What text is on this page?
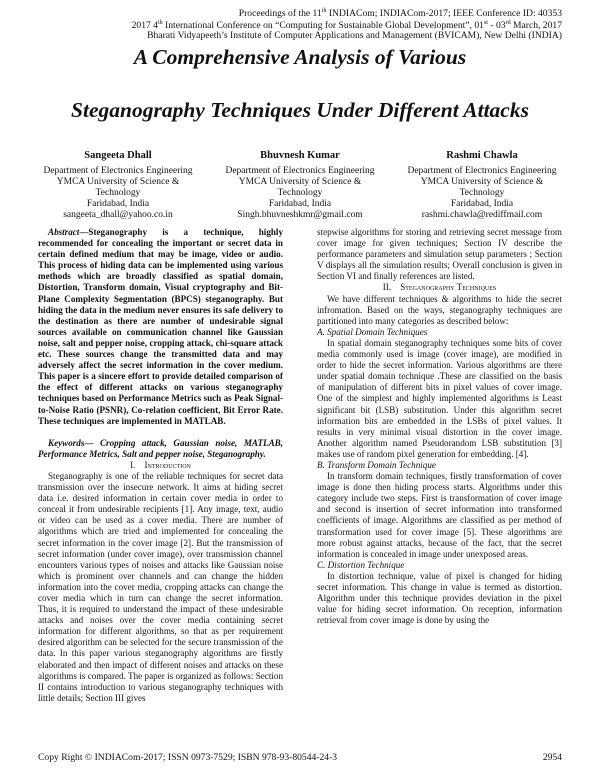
Proceedings of the 11th INDIACom; INDIACom-2017; IEEE Conference ID: 40353
2017 4th International Conference on “Computing for Sustainable Global Development”, 01st - 03rd March, 2017
Bharati Vidyapeeth’s Institute of Computer Applications and Management (BVICAM), New Delhi (INDIA)
A Comprehensive Analysis of Various
Steganography Techniques Under Different Attacks
Sangeeta Dhall
Department of Electronics Engineering
YMCA University of Science &
Technology
Faridabad, India
sangeeta_dhall@yahoo.co.in
Bhuvnesh Kumar
Department of Electronics Engineering
YMCA University of Science &
Technology
Faridabad, India
Singh.bhuvneshkmr@gmail.com
Rashmi Chawla
Department of Electronics Engineering
YMCA University of Science &
Technology
Faridabad, India
rashmi.chawla@rediffmail.com

Abstract—Steganography is a technique, highly recommended for concealing the important or secret data in certain defined medium that may be image, video or audio. This process of hiding data can be implemented using various methods which are broadly classified as spatial domain, Distortion, Transform domain, Visual cryptography and Bit-Plane Complexity Segmentation (BPCS) steganography. But hiding the data in the medium never ensures its safe delivery to the destination as there are number of undesirable signal sources available on communication channel like Gaussian noise, salt and pepper noise, cropping attack, chi-square attack etc. These sources change the transmitted data and may adversely affect the secret information in the cover medium. This paper is a sincere effort to provide detailed comparison of the effect of different attacks on various steganography techniques based on Performance Metrics such as Peak Signal-to-Noise Ratio (PSNR), Co-relation coefficient, Bit Error Rate. These techniques are implemented in MATLAB.

Keywords— Cropping attack, Gaussian noise, MATLAB, Performance Metrics, Salt and pepper noise, Steganography.

I. Introduction

Steganography is one of the reliable techniques for secret data transmission over the insecure network. It aims at hiding secret data i.e. desired information in certain cover media in order to conceal it from undesirable recipients [1]. Any image, text, audio or video can be used as a cover media. There are number of algorithms which are tried and implemented for concealing the secret information in the cover image [2]. But the transmission of secret information (under cover image), over transmission channel encounters various types of noises and attacks like Gaussian noise which is prominent over channels and can change the hidden information into the cover media, cropping attacks can change the cover media which in turn can change the secret information. Thus, it is required to understand the impact of these undesirable attacks and noises over the cover media containing secret information for different algorithms, so that as per requirement desired algorithm can be selected for the secure transmission of the data. In this paper various steganography algorithms are firstly elaborated and then impact of different noises and attacks on these algorithms is compared. The paper is organized as follows: Section II contains introduction to various steganography techniques with little details; Section III gives

stepwise algorithms for storing and retrieving secret message from cover image for given techniques; Section IV describe the performance parameters and simulation setup parameters ; Section V displays all the simulation results; Overall conclusion is given in Section VI and finally references are listed.

II. Steganography Techniques

We have different techniques & algorithms to hide the secret infromation. Based on the ways, steganography techniques are partitioned into many categories as described below:

A. Spatial Domain Techniques

In spatial domain steganography techniques some bits of cover media commonly used is image (cover image), are modified in order to hide the secret information. Various algorithms are there under spatial domain technique .These are classified on the basis of manipulation of different bits in pixel values of cover image. One of the simplest and highly implemented algorithms is Least significant bit (LSB) substitution. Under this algorithm secret information bits are embedded in the LSBs of pixel values. It results in very minimal visual distortion in the cover image. Another algorithm named Pseudorandom LSB substitution [3] makes use of random pixel generation for embedding. [4].

B. Transform Domain Technique

In transform domain techniques, firstly transformation of cover image is done then hiding process starts. Algorithms under this category include two steps. First is transformation of cover image and second is insertion of secret information into transformed coefficients of image. Algorithms are classified as per method of transformation used for cover image [5]. These algorithms are more robust against attacks, because of the fact, that the secret information is concealed in image under unexposed areas.

C. Distortion Technique

In distortion technique, value of pixel is changed for hiding secret information. This change in value is termed as distortion. Algorithm under this technique provides deviation in the pixel value for hiding secret information. On reception, information retrieval from cover image is done by using the

Copy Right © INDIACom-2017; ISSN 0973-7529; ISBN 978-93-80544-24-3	2954
